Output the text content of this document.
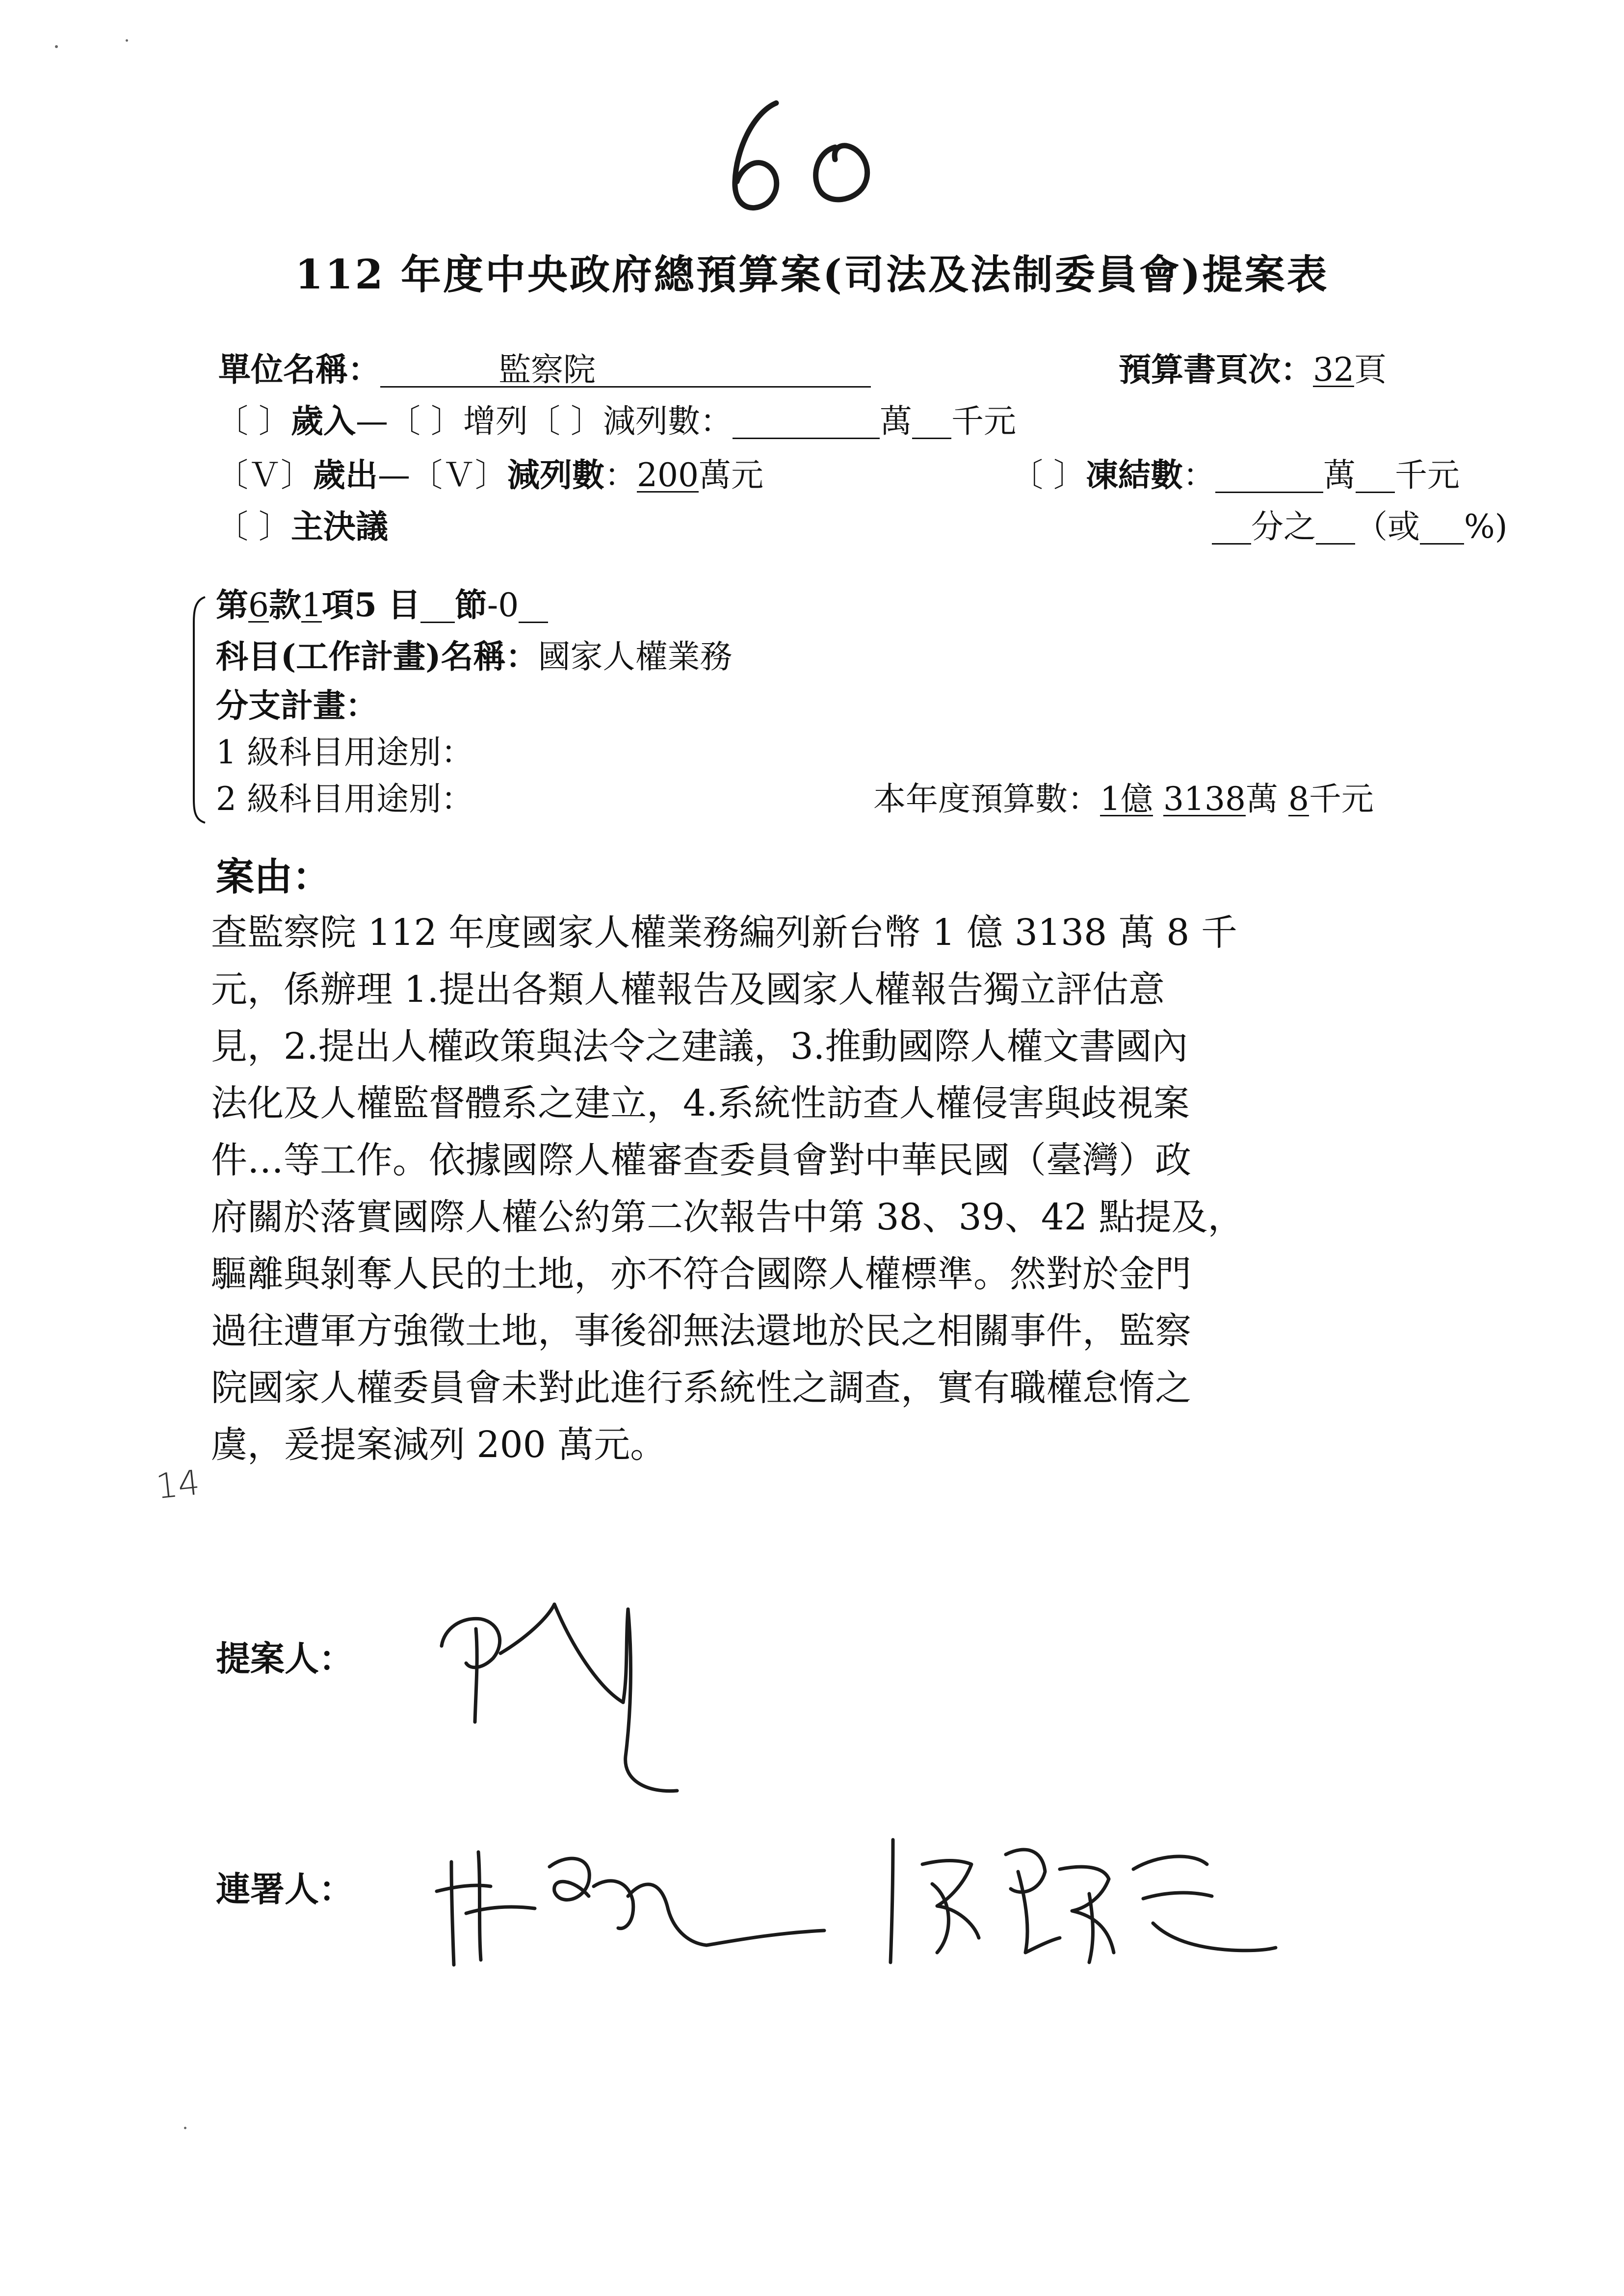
112 年度中央政府總預算案(司法及法制委員會)提案表
單位名稱：	監察院	預算書頁次：32頁
〔 〕歲入—〔 〕增列〔 〕減列數：	萬 千元
〔Ｖ〕歲出—〔Ｖ〕減列數：200萬元	〔 〕凍結數：	萬 千元
〔 〕主決議	分之 （或 %)
第6款1項5 目 節-0
科目(工作計畫)名稱：國家人權業務
分支計畫：
1 級科目用途別：
2 級科目用途別：	本年度預算數：1億 3138萬 8千元
案由：
查監察院 112 年度國家人權業務編列新台幣 1 億 3138 萬 8 千
元，係辦理 1.提出各類人權報告及國家人權報告獨立評估意
見，2.提出人權政策與法令之建議，3.推動國際人權文書國內
法化及人權監督體系之建立，4.系統性訪查人權侵害與歧視案
件…等工作。依據國際人權審查委員會對中華民國（臺灣）政
府關於落實國際人權公約第二次報告中第 38、39、42 點提及，
驅離與剝奪人民的土地，亦不符合國際人權標準。然對於金門
過往遭軍方強徵土地，事後卻無法還地於民之相關事件，監察
院國家人權委員會未對此進行系統性之調查，實有職權怠惰之
虞，爰提案減列 200 萬元。
14
提案人：
連署人：
